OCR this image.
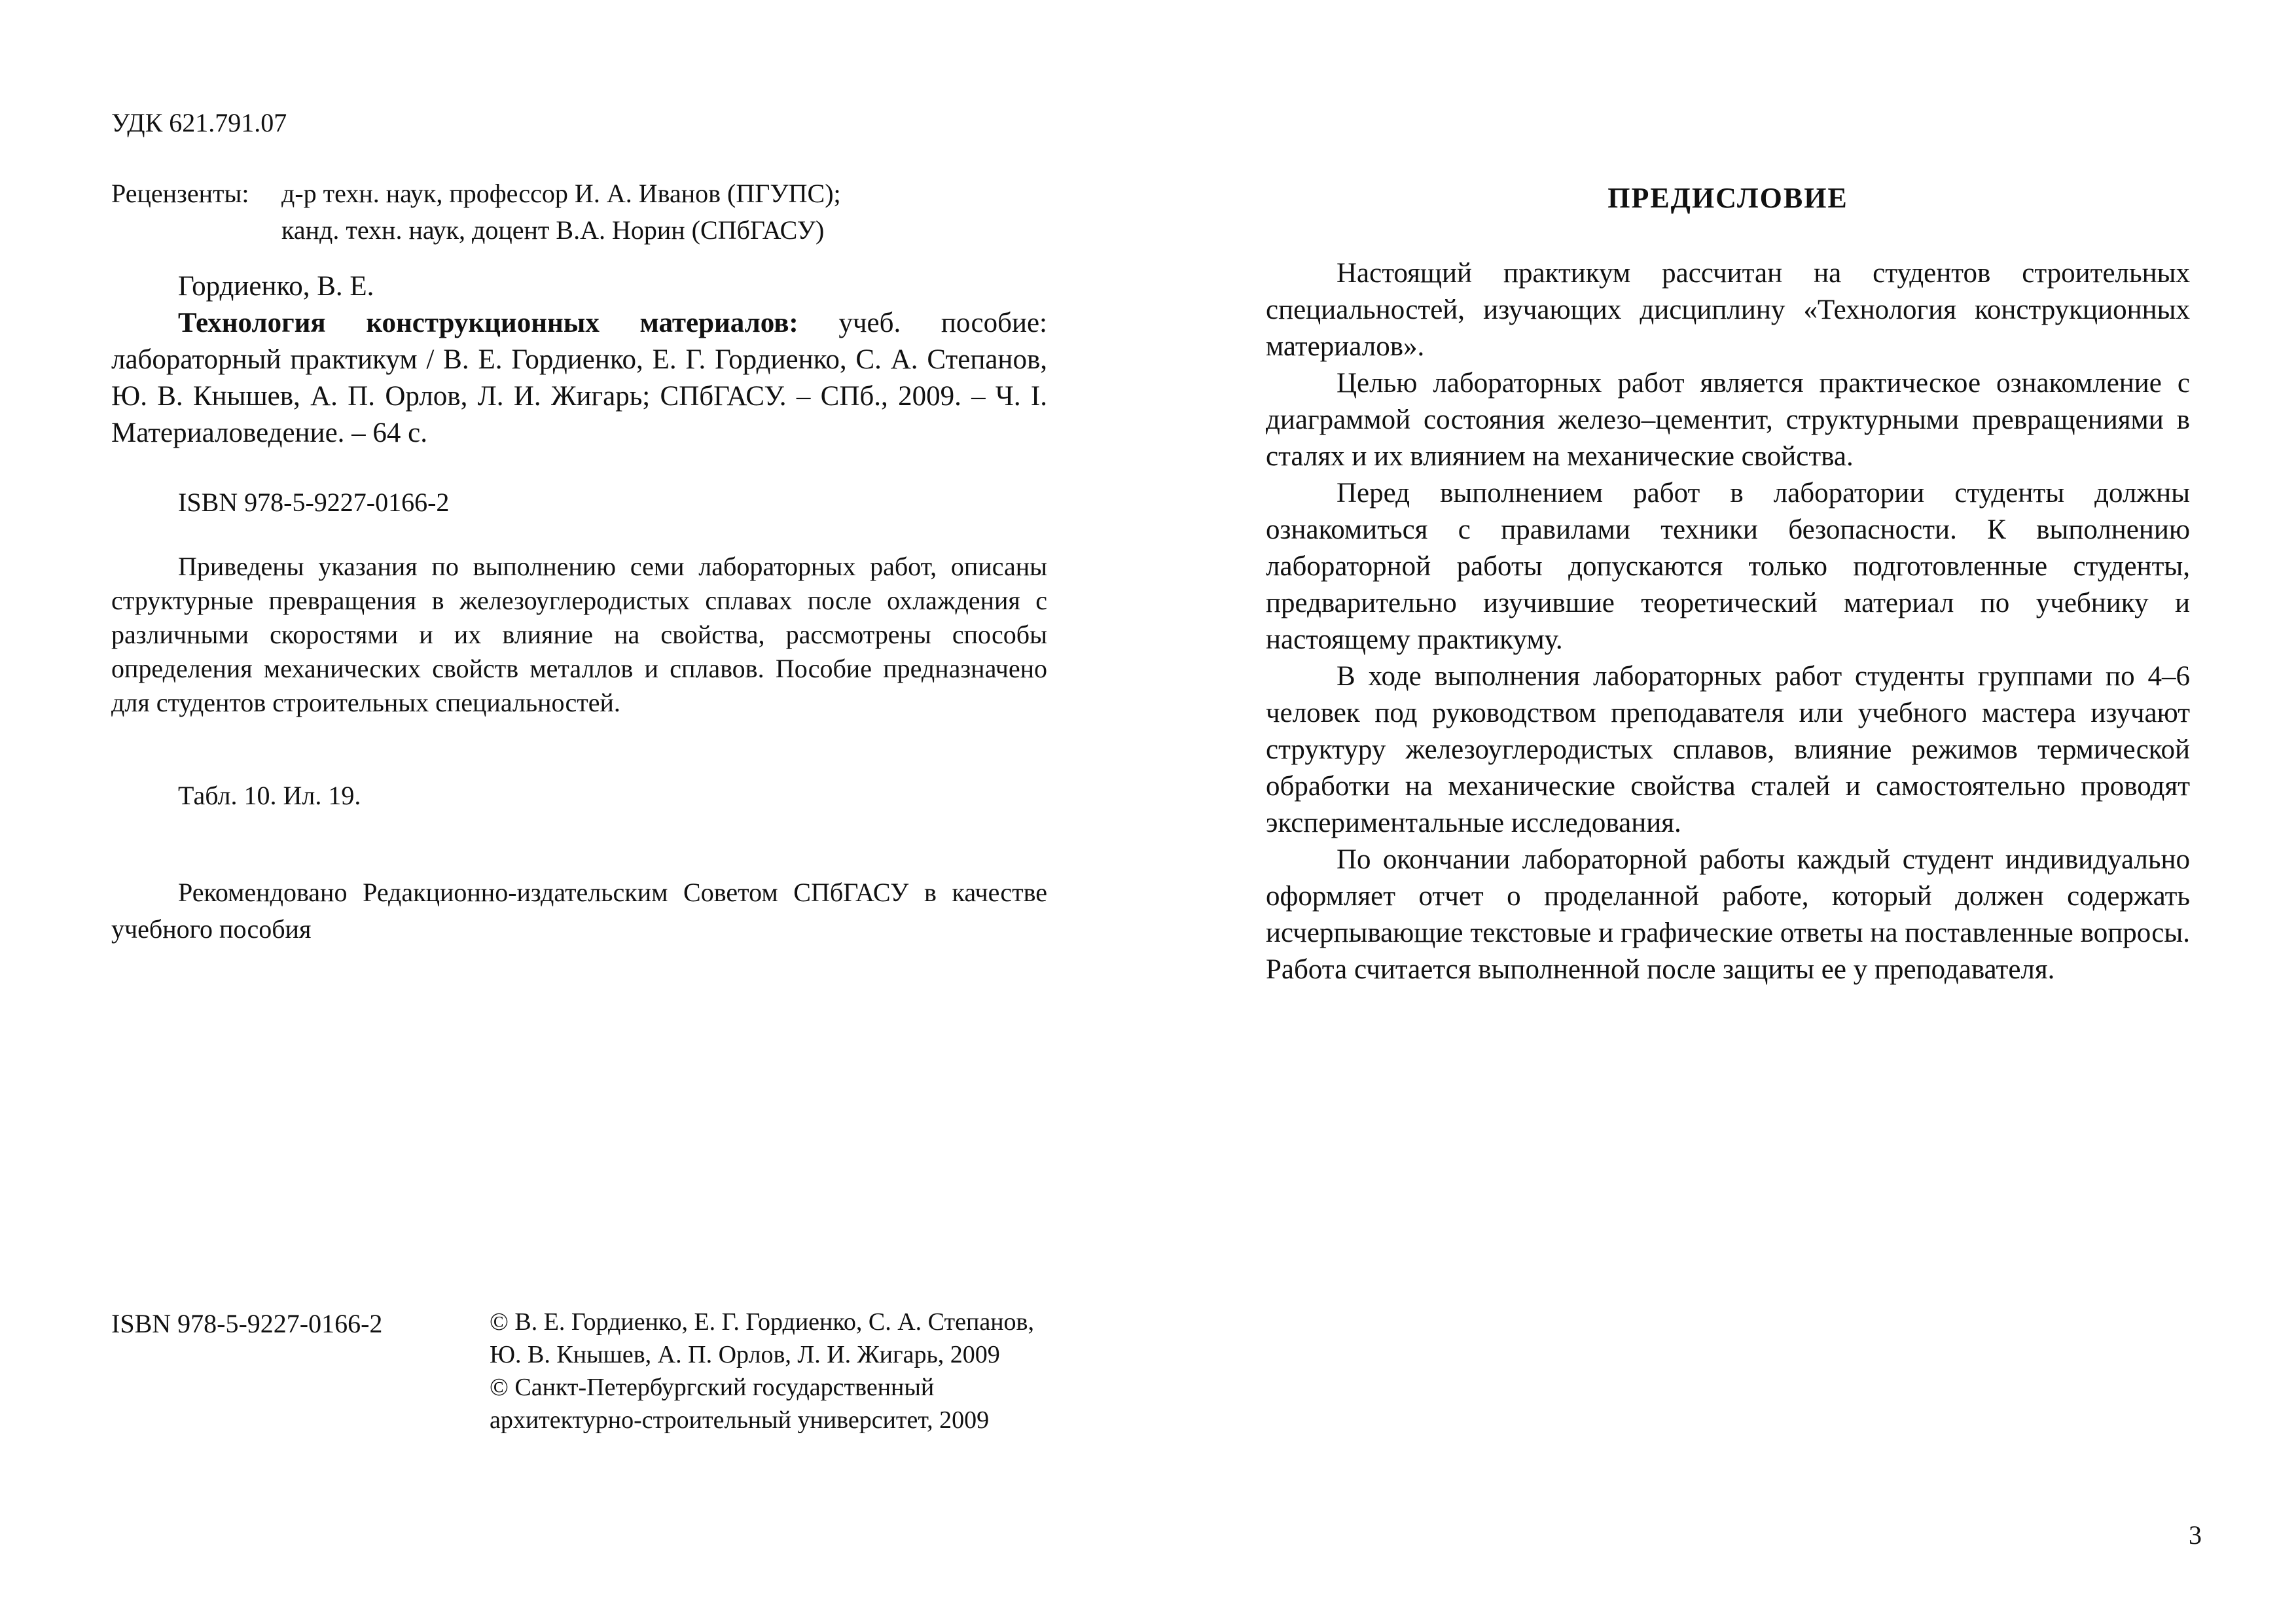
УДК 621.791.07
Рецензенты: д-р техн. наук, профессор И. А. Иванов (ПГУПС);
канд. техн. наук, доцент В.А. Норин (СПбГАСУ)

Гордиенко, В. Е.

Технология конструкционных материалов: учеб. пособие: лабораторный практикум / В. Е. Гордиенко, Е. Г. Гордиенко, С. А. Степанов, Ю. В. Кнышев, А. П. Орлов, Л. И. Жигарь; СПбГАСУ. – СПб., 2009. – Ч. I. Материаловедение. – 64 с.

ISBN 978-5-9227-0166-2
Приведены указания по выполнению семи лабораторных работ, описаны структурные превращения в железоуглеродистых сплавах после охлаждения с различными скоростями и их влияние на свойства, рассмотрены способы определения механических свойств металлов и сплавов. Пособие предназначено для студентов строительных специальностей.
Табл. 10. Ил. 19.
Рекомендовано Редакционно-издательским Советом СПбГАСУ в качестве учебного пособия
ISBN 978-5-9227-0166-2	© В. Е. Гордиенко, Е. Г. Гордиенко, С. А. Степанов,
Ю. В. Кнышев, А. П. Орлов, Л. И. Жигарь, 2009
© Санкт-Петербургский государственный
архитектурно-строительный университет, 2009
ПРЕДИСЛОВИЕ

Настоящий практикум рассчитан на студентов строительных специальностей, изучающих дисциплину «Технология конструкционных материалов».

Целью лабораторных работ является практическое ознакомление с диаграммой состояния железо–цементит, структурными превращениями в сталях и их влиянием на механические свойства.

Перед выполнением работ в лаборатории студенты должны ознакомиться с правилами техники безопасности. К выполнению лабораторной работы допускаются только подготовленные студенты, предварительно изучившие теоретический материал по учебнику и настоящему практикуму.

В ходе выполнения лабораторных работ студенты группами по 4–6 человек под руководством преподавателя или учебного мастера изучают структуру железоуглеродистых сплавов, влияние режимов термической обработки на механические свойства сталей и самостоятельно проводят экспериментальные исследования.

По окончании лабораторной работы каждый студент индивидуально оформляет отчет о проделанной работе, который должен содержать исчерпывающие текстовые и графические ответы на поставленные вопросы. Работа считается выполненной после защиты ее у преподавателя.

3
